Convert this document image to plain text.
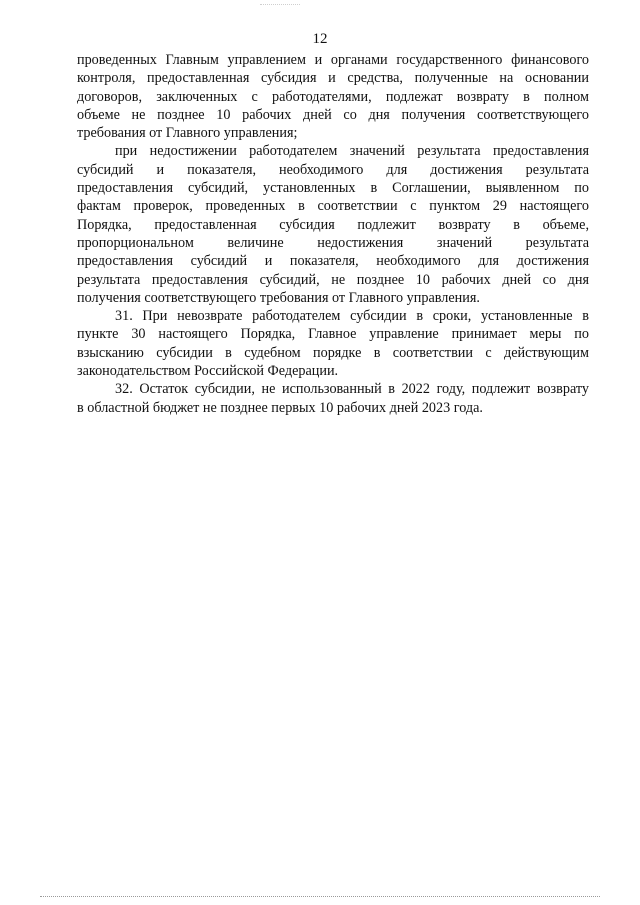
12
проведенных Главным управлением и органами государственного финансового
контроля, предоставленная субсидия и средства, полученные на основании
договоров, заключенных с работодателями, подлежат возврату в полном
объеме не позднее 10 рабочих дней со дня получения соответствующего
требования от Главного управления;
при недостижении работодателем значений результата предоставления
субсидий и показателя, необходимого для достижения результата
предоставления субсидий, установленных в Соглашении, выявленном по
фактам проверок, проведенных в соответствии с пунктом 29 настоящего
Порядка, предоставленная субсидия подлежит возврату в объеме,
пропорциональном величине недостижения значений результата
предоставления субсидий и показателя, необходимого для достижения
результата предоставления субсидий, не позднее 10 рабочих дней со дня
получения соответствующего требования от Главного управления.
31. При невозврате работодателем субсидии в сроки, установленные в
пункте 30 настоящего Порядка, Главное управление принимает меры по
взысканию субсидии в судебном порядке в соответствии с действующим
законодательством Российской Федерации.
32. Остаток субсидии, не использованный в 2022 году, подлежит возврату
в областной бюджет не позднее первых 10 рабочих дней 2023 года.
